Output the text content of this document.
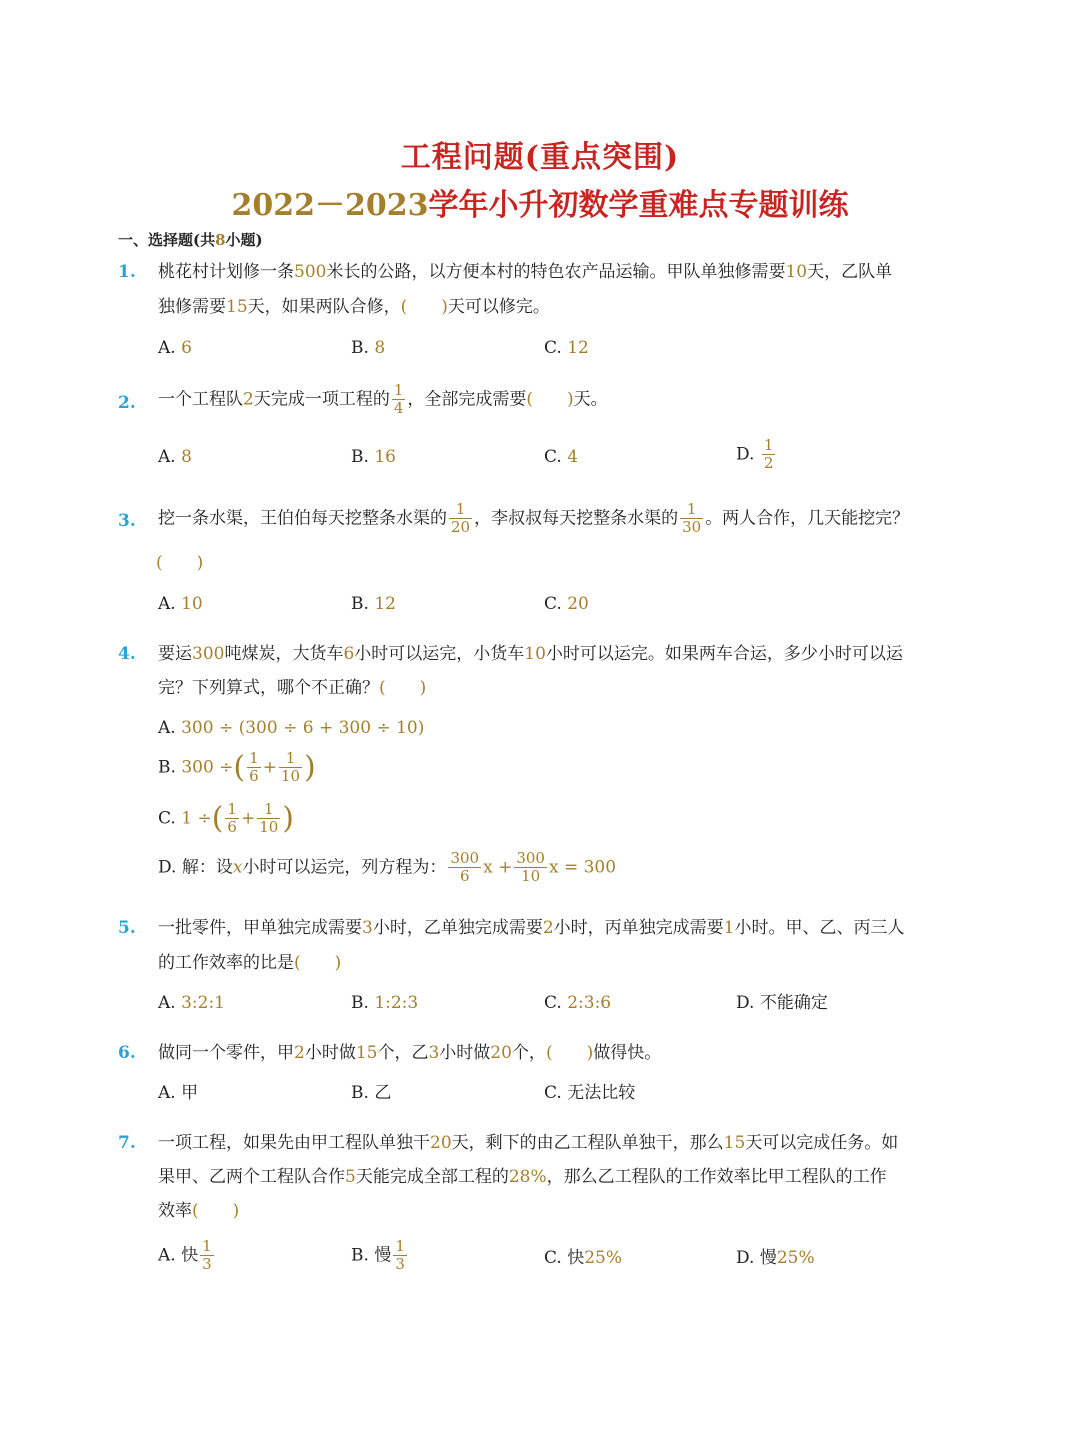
工程问题(重点突围)
2022－2023学年小升初数学重难点专题训练
一、选择题(共8小题)
1. 桃花村计划修一条500米长的公路，以方便本村的特色农产品运输。甲队单独修需要10天，乙队单
独修需要15天，如果两队合修，(　　)天可以修完。
A. 6	B. 8	C. 12
2. 一个工程队2天完成一项工程的 $\frac{1}{4}$ ，全部完成需要(　　)天。
A. 8	B. 16	C. 4	D. $\frac{1}{2}$
3. 挖一条水渠，王伯伯每天挖整条水渠的 $\frac{1}{20}$ ，李叔叔每天挖整条水渠的 $\frac{1}{30}$ 。两人合作，几天能挖完？
(　　)
A. 10	B. 12	C. 20
4. 要运300吨煤炭，大货车6小时可以运完，小货车10小时可以运完。如果两车合运，多少小时可以运
完？下列算式，哪个不正确？(　　)
A. 300 ÷ (300 ÷ 6 + 300 ÷ 10)
B. 300 ÷( $\frac{1}{6} + \frac{1}{10}$ )
C. 1 ÷( $\frac{1}{6} + \frac{1}{10}$ )
D. 解：设x小时可以运完，列方程为： $\frac{300}{6}$ $x + \frac{300}{10}$ x = 300
5. 一批零件，甲单独完成需要3小时，乙单独完成需要2小时，丙单独完成需要1小时。甲、乙、丙三人
的工作效率的比是(　　)
A. 3:2:1	B. 1:2:3	C. 2:3:6	D. 不能确定
6. 做同一个零件，甲2小时做15个，乙3小时做20个，(　　)做得快。
A. 甲	B. 乙	C. 无法比较
7. 一项工程，如果先由甲工程队单独干20天，剩下的由乙工程队单独干，那么15天可以完成任务。如
果甲、乙两个工程队合作5天能完成全部工程的28%，那么乙工程队的工作效率比甲工程队的工作
效率(　　)
A. 快 $\frac{1}{3}$	B. 慢 $\frac{1}{3}$	C. 快25%	D. 慢25%
